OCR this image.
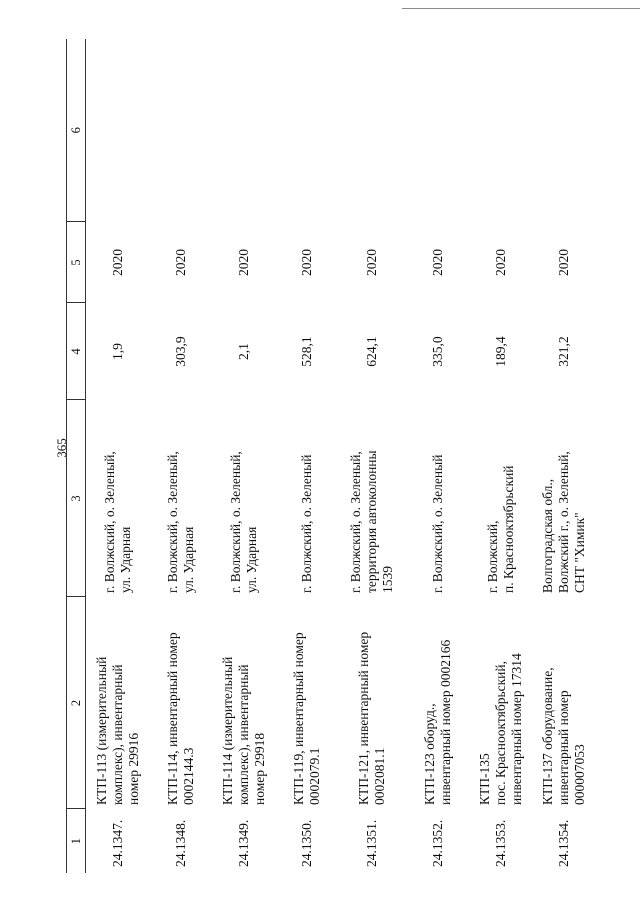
365
1	2	3	4	5	6

24.1347.	КТП-113 (измерительный
комплекс), инвентарный
номер 29916	г. Волжский, о. Зеленый,
ул. Ударная	1,9	2020	

24.1348.	КТП-114, инвентарный номер
0002144.3	г. Волжский, о. Зеленый,
ул. Ударная	303,9	2020	

24.1349.	КТП-114 (измерительный
комплекс), инвентарный
номер 29918	г. Волжский, о. Зеленый,
ул. Ударная	2,1	2020	

24.1350.	КТП-119, инвентарный номер
0002079.1	г. Волжский, о. Зеленый	528,1	2020	

24.1351.	КТП-121, инвентарный номер
0002081.1	г. Волжский, о. Зеленый,
территория автоколонны
1539	624,1	2020	

24.1352.	КТП-123 оборуд.,
инвентарный номер 0002166	г. Волжский, о. Зеленый	335,0	2020	

24.1353.	КТП-135
пос. Краснооктябрьский,
инвентарный номер 17314	г. Волжский,
п. Краснооктябрьский	189,4	2020	

24.1354.	КТП-137 оборудование,
инвентарный номер
000007053	Волгоградская обл.,
Волжский г., о. Зеленый,
СНТ "Химик"	321,2	2020	
